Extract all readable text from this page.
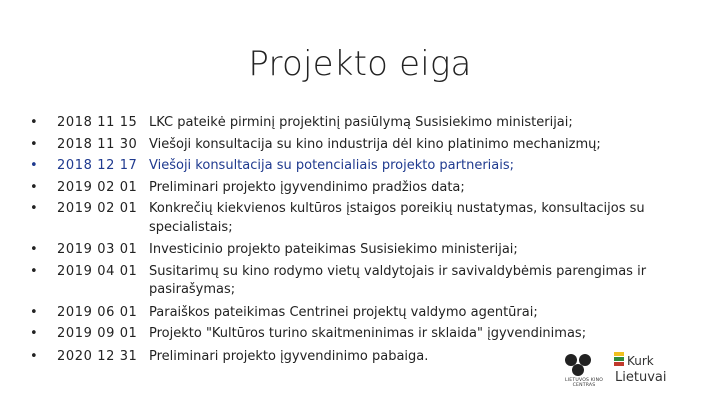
Projekto eiga
•	2018 11 15 LKC pateikė pirminį projektinį pasiūlymą Susisiekimo ministerijai;
•	2018 11 30 Viešoji konsultacija su kino industrija dėl kino platinimo mechanizmų;
•	2018 12 17 Viešoji konsultacija su potencialiais projekto partneriais;
•	2019 02 01 Preliminari projekto įgyvendinimo pradžios data;
•	2019 02 01 Konkrečių kiekvienos kultūros įstaigos poreikių nustatymas, konsultacijos su specialistais;
•	2019 03 01 Investicinio projekto pateikimas Susisiekimo ministerijai;
•	2019 04 01 Susitarimų su kino rodymo vietų valdytojais ir savivaldybėmis parengimas ir pasirašymas;
•	2019 06 01 Paraiškos pateikimas Centrinei projektų valdymo agentūrai;
•	2019 09 01 Projekto "Kultūros turino skaitmeninimas ir sklaida" įgyvendinimas;
•	2020 12 31 Preliminari projekto įgyvendinimo pabaiga.
LIETUVOS KINO CENTRAS
Kurk
Lietuvai
